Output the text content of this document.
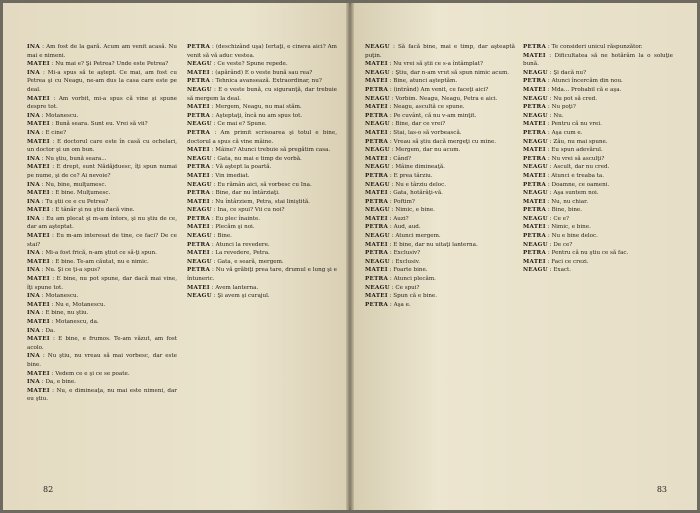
INA : Am fost de la gară. Acum am venit acasă. Nu mai e nimeni.

MATEI : Nu mai e? Şi Petrea? Unde este Petrea?

INA : Mi-a spus să te aştept. Ce mai, am fost cu Petrea şi cu Neagu, ne-am dus la casa care este pe deal.

MATEI : Am vorbit, mi-a spus că vine şi spune despre tot.

INA : Motanescu.

MATEI : Bună seara. Sunt eu. Vrei să vii?

INA : E cine?

MATEI : E doctorul care este în casă cu ochelari, un doctor şi un om bun.

INA : Nu ştiu, bună seara...

MATEI : E drept, sunt Nădăjduesc, îţi spun numai pe nume, şi de ce? Ai nevoie?

INA : Nu, bine, mulţumesc.

MATEI : E bine. Mulţumesc.

INA : Tu ştii ce e cu Petrea?

MATEI : E tânăr şi nu ştiu dacă vine.

INA : Eu am plecat şi m-am întors, şi nu ştiu de ce, dar am aşteptat.

MATEI : Eu m-am interesat de tine, ce faci? De ce stai?

INA : Mi-a fost frică, n-am ştiut ce să-ţi spun.

MATEI : E bine. Te-am căutat, nu e nimic.

INA : Nu. Şi ce ţi-a spus?

MATEI : E bine, nu pot spune, dar dacă mai vine, îţi spune tot.

INA : Motanescu.

MATEI : Nu e, Motanescu.

INA : E bine, nu ştiu.

MATEI : Motanescu, da.

INA : Da.

MATEI : E bine, e frumos. Te-am văzut, am fost acolo.

INA : Nu ştiu, nu vreau să mai vorbesc, dar este bine.

MATEI : Vedem ce e şi ce se poate.

INA : Da, e bine.

MATEI : Nu, e dimineaţa, nu mai este nimeni, dar eu ştiu.

PETRA : (deschizând uşa) Iertaţi, e cineva aici? Am venit să vă aduc vestea.

NEAGU : Ce veste? Spune repede.

MATEI : (apărând) E o veste bună sau rea?

PETRA : Tehnica avansează. Extraordinar, nu?

NEAGU : E o veste bună, cu siguranţă, dar trebuie să mergem la deal.

MATEI : Mergem, Neagu, nu mai stăm.

PETRA : Aşteptaţi, încă nu am spus tot.

NEAGU : Ce mai e? Spune.

PETRA : Am primit scrisoarea şi totul e bine, doctorul a spus că vine mâine.

MATEI : Mâine? Atunci trebuie să pregătim casa.

NEAGU : Gata, nu mai e timp de vorbă.

PETRA : Vă aştept la poartă.

MATEI : Vin imediat.

NEAGU : Eu rămân aici, să vorbesc cu Ina.

PETRA : Bine, dar nu întârziaţi.

MATEI : Nu întârziem, Petra, stai liniştită.

NEAGU : Ina, ce spui? Vii cu noi?

PETRA : Eu plec înainte.

MATEI : Plecăm şi noi.

NEAGU : Bine.

PETRA : Atunci la revedere.

MATEI : La revedere, Petra.

NEAGU : Gata, e seară, mergem.

PETRA : Nu vă grăbiţi prea tare, drumul e lung şi e întuneric.

MATEI : Avem lanterna.

NEAGU : Şi avem şi curajul.

82

NEAGU : Să facă bine, mai e timp, dar aşteaptă puţin.

MATEI : Nu vrei să ştii ce s-a întâmplat?

NEAGU : Ştiu, dar n-am vrut să spun nimic acum.

MATEI : Bine, atunci aşteptăm.

PETRA : (intrând) Am venit, ce faceţi aici?

NEAGU : Vorbim. Neagu, Neagu, Petra e aici.

MATEI : Neagu, ascultă ce spune.

PETRA : Pe cuvânt, că nu v-am minţit.

NEAGU : Bine, dar ce vrei?

MATEI : Stai, las-o să vorbească.

PETRA : Vreau să ştiu dacă mergeţi cu mine.

NEAGU : Mergem, dar nu acum.

MATEI : Când?

NEAGU : Mâine dimineaţă.

PETRA : E prea târziu.

NEAGU : Nu e târziu deloc.

MATEI : Gata, hotărâţi-vă.

PETRA : Poftim?

NEAGU : Nimic, e bine.

MATEI : Auzi?

PETRA : Aud, aud.

NEAGU : Atunci mergem.

MATEI : E bine, dar nu uitaţi lanterna.

PETRA : Exclusiv?

NEAGU : Exclusiv.

MATEI : Foarte bine.

PETRA : Atunci plecăm.

NEAGU : Ce spui?

MATEI : Spun că e bine.

PETRA : Aşa e.

PETRA : Te consideri unicul răspunzător.

MATEI : Dificultatea să ne hotărâm la o soluţie bună.

NEAGU : Şi dacă nu?

PETRA : Atunci încercăm din nou.

MATEI : Mda... Probabil că e aşa.

NEAGU : Nu pot să cred.

PETRA : Nu poţi?

NEAGU : Nu.

MATEI : Pentru că nu vrei.

PETRA : Aşa cum e.

NEAGU : Zău, nu mai spune.

MATEI : Eu spun adevărul.

PETRA : Nu vrei să asculţi?

NEAGU : Ascult, dar nu cred.

MATEI : Atunci e treaba ta.

PETRA : Doamne, ce oameni.

NEAGU : Aşa suntem noi.

MATEI : Nu, nu chiar.

PETRA : Bine, bine.

NEAGU : Ce e?

MATEI : Nimic, e bine.

PETRA : Nu e bine deloc.

NEAGU : De ce?

PETRA : Pentru că nu ştiu ce să fac.

MATEI : Faci ce crezi.

NEAGU : Exact.

83
